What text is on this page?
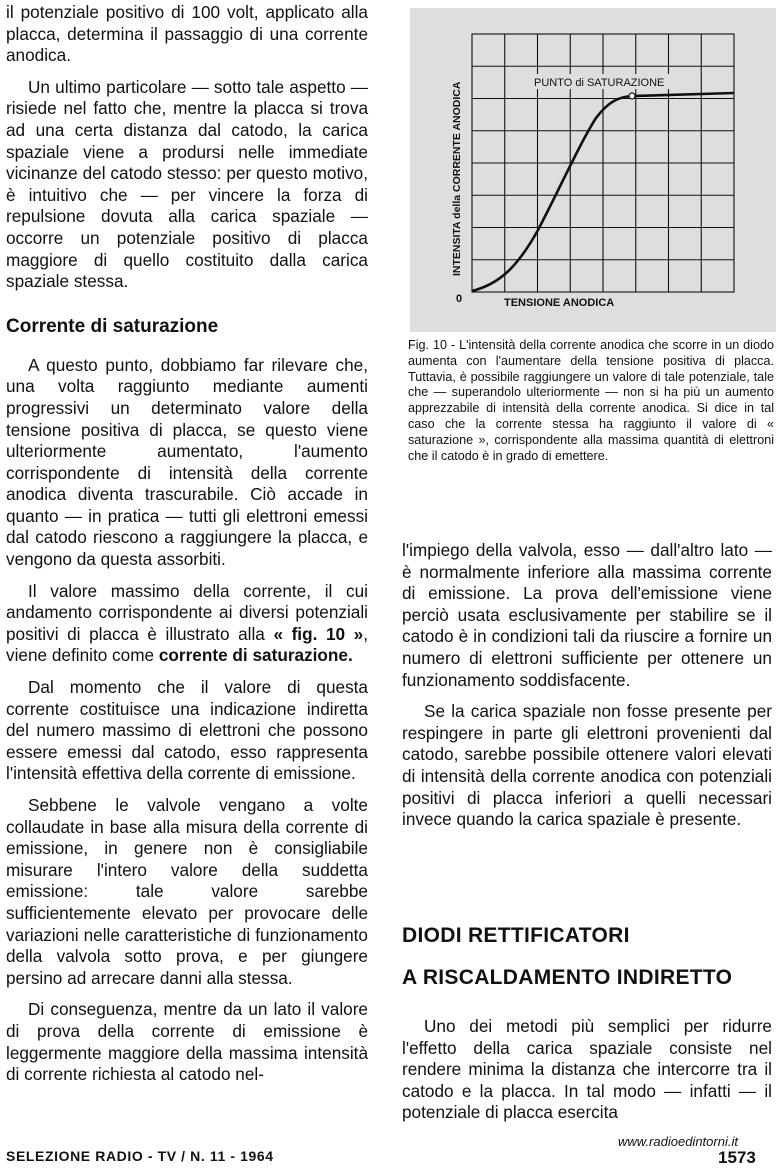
il potenziale positivo di 100 volt, applicato alla placca, determina il passaggio di una corrente anodica.

Un ultimo particolare — sotto tale aspetto — risiede nel fatto che, mentre la placca si trova ad una certa distanza dal catodo, la carica spaziale viene a prodursi nelle immediate vicinanze del catodo stesso: per questo motivo, è intuitivo che — per vincere la forza di repulsione dovuta alla carica spaziale — occorre un potenziale positivo di placca maggiore di quello costituito dalla carica spaziale stessa.

Corrente di saturazione

A questo punto, dobbiamo far rilevare che, una volta raggiunto mediante aumenti progressivi un determinato valore della tensione positiva di placca, se questo viene ulteriormente aumentato, l'aumento corrispondente di intensità della corrente anodica diventa trascurabile. Ciò accade in quanto — in pratica — tutti gli elettroni emessi dal catodo riescono a raggiungere la placca, e vengono da questa assorbiti.

Il valore massimo della corrente, il cui andamento corrispondente ai diversi potenziali positivi di placca è illustrato alla « fig. 10 », viene definito come corrente di saturazione.

Dal momento che il valore di questa corrente costituisce una indicazione indiretta del numero massimo di elettroni che possono essere emessi dal catodo, esso rappresenta l'intensità effettiva della corrente di emissione.

Sebbene le valvole vengano a volte collaudate in base alla misura della corrente di emissione, in genere non è consigliabile misurare l'intero valore della suddetta emissione: tale valore sarebbe sufficientemente elevato per provocare delle variazioni nelle caratteristiche di funzionamento della valvola sotto prova, e per giungere persino ad arrecare danni alla stessa.

Di conseguenza, mentre da un lato il valore di prova della corrente di emissione è leggermente maggiore della massima intensità di corrente richiesta al catodo nel-

PUNTO di SATURAZIONE
INTENSITA della CORRENTE ANODICA
TENSIONE ANODICA
0
Fig. 10 - L'intensità della corrente anodica che scorre in un diodo aumenta con l'aumentare della tensione positiva di placca. Tuttavia, è possibile raggiungere un valore di tale potenziale, tale che — superandolo ulteriormente — non si ha più un aumento apprezzabile di intensità della corrente anodica. Si dice in tal caso che la corrente stessa ha raggiunto il valore di « saturazione », corrispondente alla massima quantità di elettroni che il catodo è in grado di emettere.

l'impiego della valvola, esso — dall'altro lato — è normalmente inferiore alla massima corrente di emissione. La prova dell'emissione viene perciò usata esclusivamente per stabilire se il catodo è in condizioni tali da riuscire a fornire un numero di elettroni sufficiente per ottenere un funzionamento soddisfacente.

Se la carica spaziale non fosse presente per respingere in parte gli elettroni provenienti dal catodo, sarebbe possibile ottenere valori elevati di intensità della corrente anodica con potenziali positivi di placca inferiori a quelli necessari invece quando la carica spaziale è presente.

DIODI RETTIFICATORI
A RISCALDAMENTO INDIRETTO

Uno dei metodi più semplici per ridurre l'effetto della carica spaziale consiste nel rendere minima la distanza che intercorre tra il catodo e la placca. In tal modo — infatti — il potenziale di placca esercita

SELEZIONE RADIO - TV / N. 11 - 1964
www.radioedintorni.it
1573
